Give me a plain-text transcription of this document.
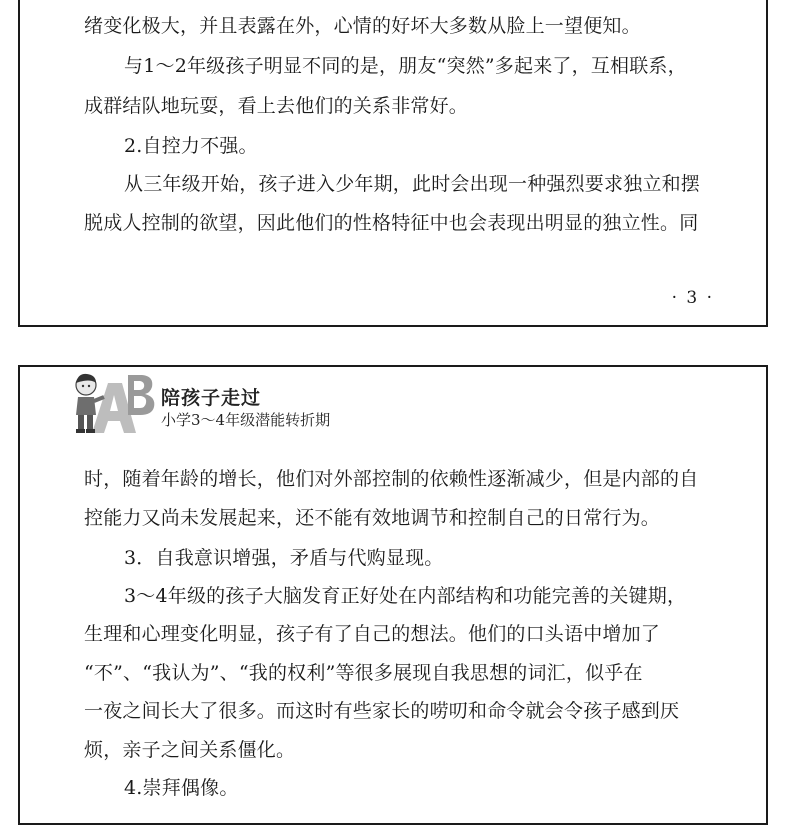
绪变化极大，并且表露在外，心情的好坏大多数从脸上一望便知。
与1～2年级孩子明显不同的是，朋友“突然”多起来了，互相联系，
成群结队地玩耍，看上去他们的关系非常好。
2.自控力不强。
从三年级开始，孩子进入少年期，此时会出现一种强烈要求独立和摆
脱成人控制的欲望，因此他们的性格特征中也会表现出明显的独立性。同
· 3 ·
陪孩子走过
小学3～4年级潜能转折期
时，随着年龄的增长，他们对外部控制的依赖性逐渐减少，但是内部的自
控能力又尚未发展起来，还不能有效地调节和控制自己的日常行为。
3．自我意识增强，矛盾与代购显现。
3～4年级的孩子大脑发育正好处在内部结构和功能完善的关键期，
生理和心理变化明显，孩子有了自己的想法。他们的口头语中增加了
“不”、“我认为”、“我的权利”等很多展现自我思想的词汇，似乎在
一夜之间长大了很多。而这时有些家长的唠叨和命令就会令孩子感到厌
烦，亲子之间关系僵化。
4.崇拜偶像。
